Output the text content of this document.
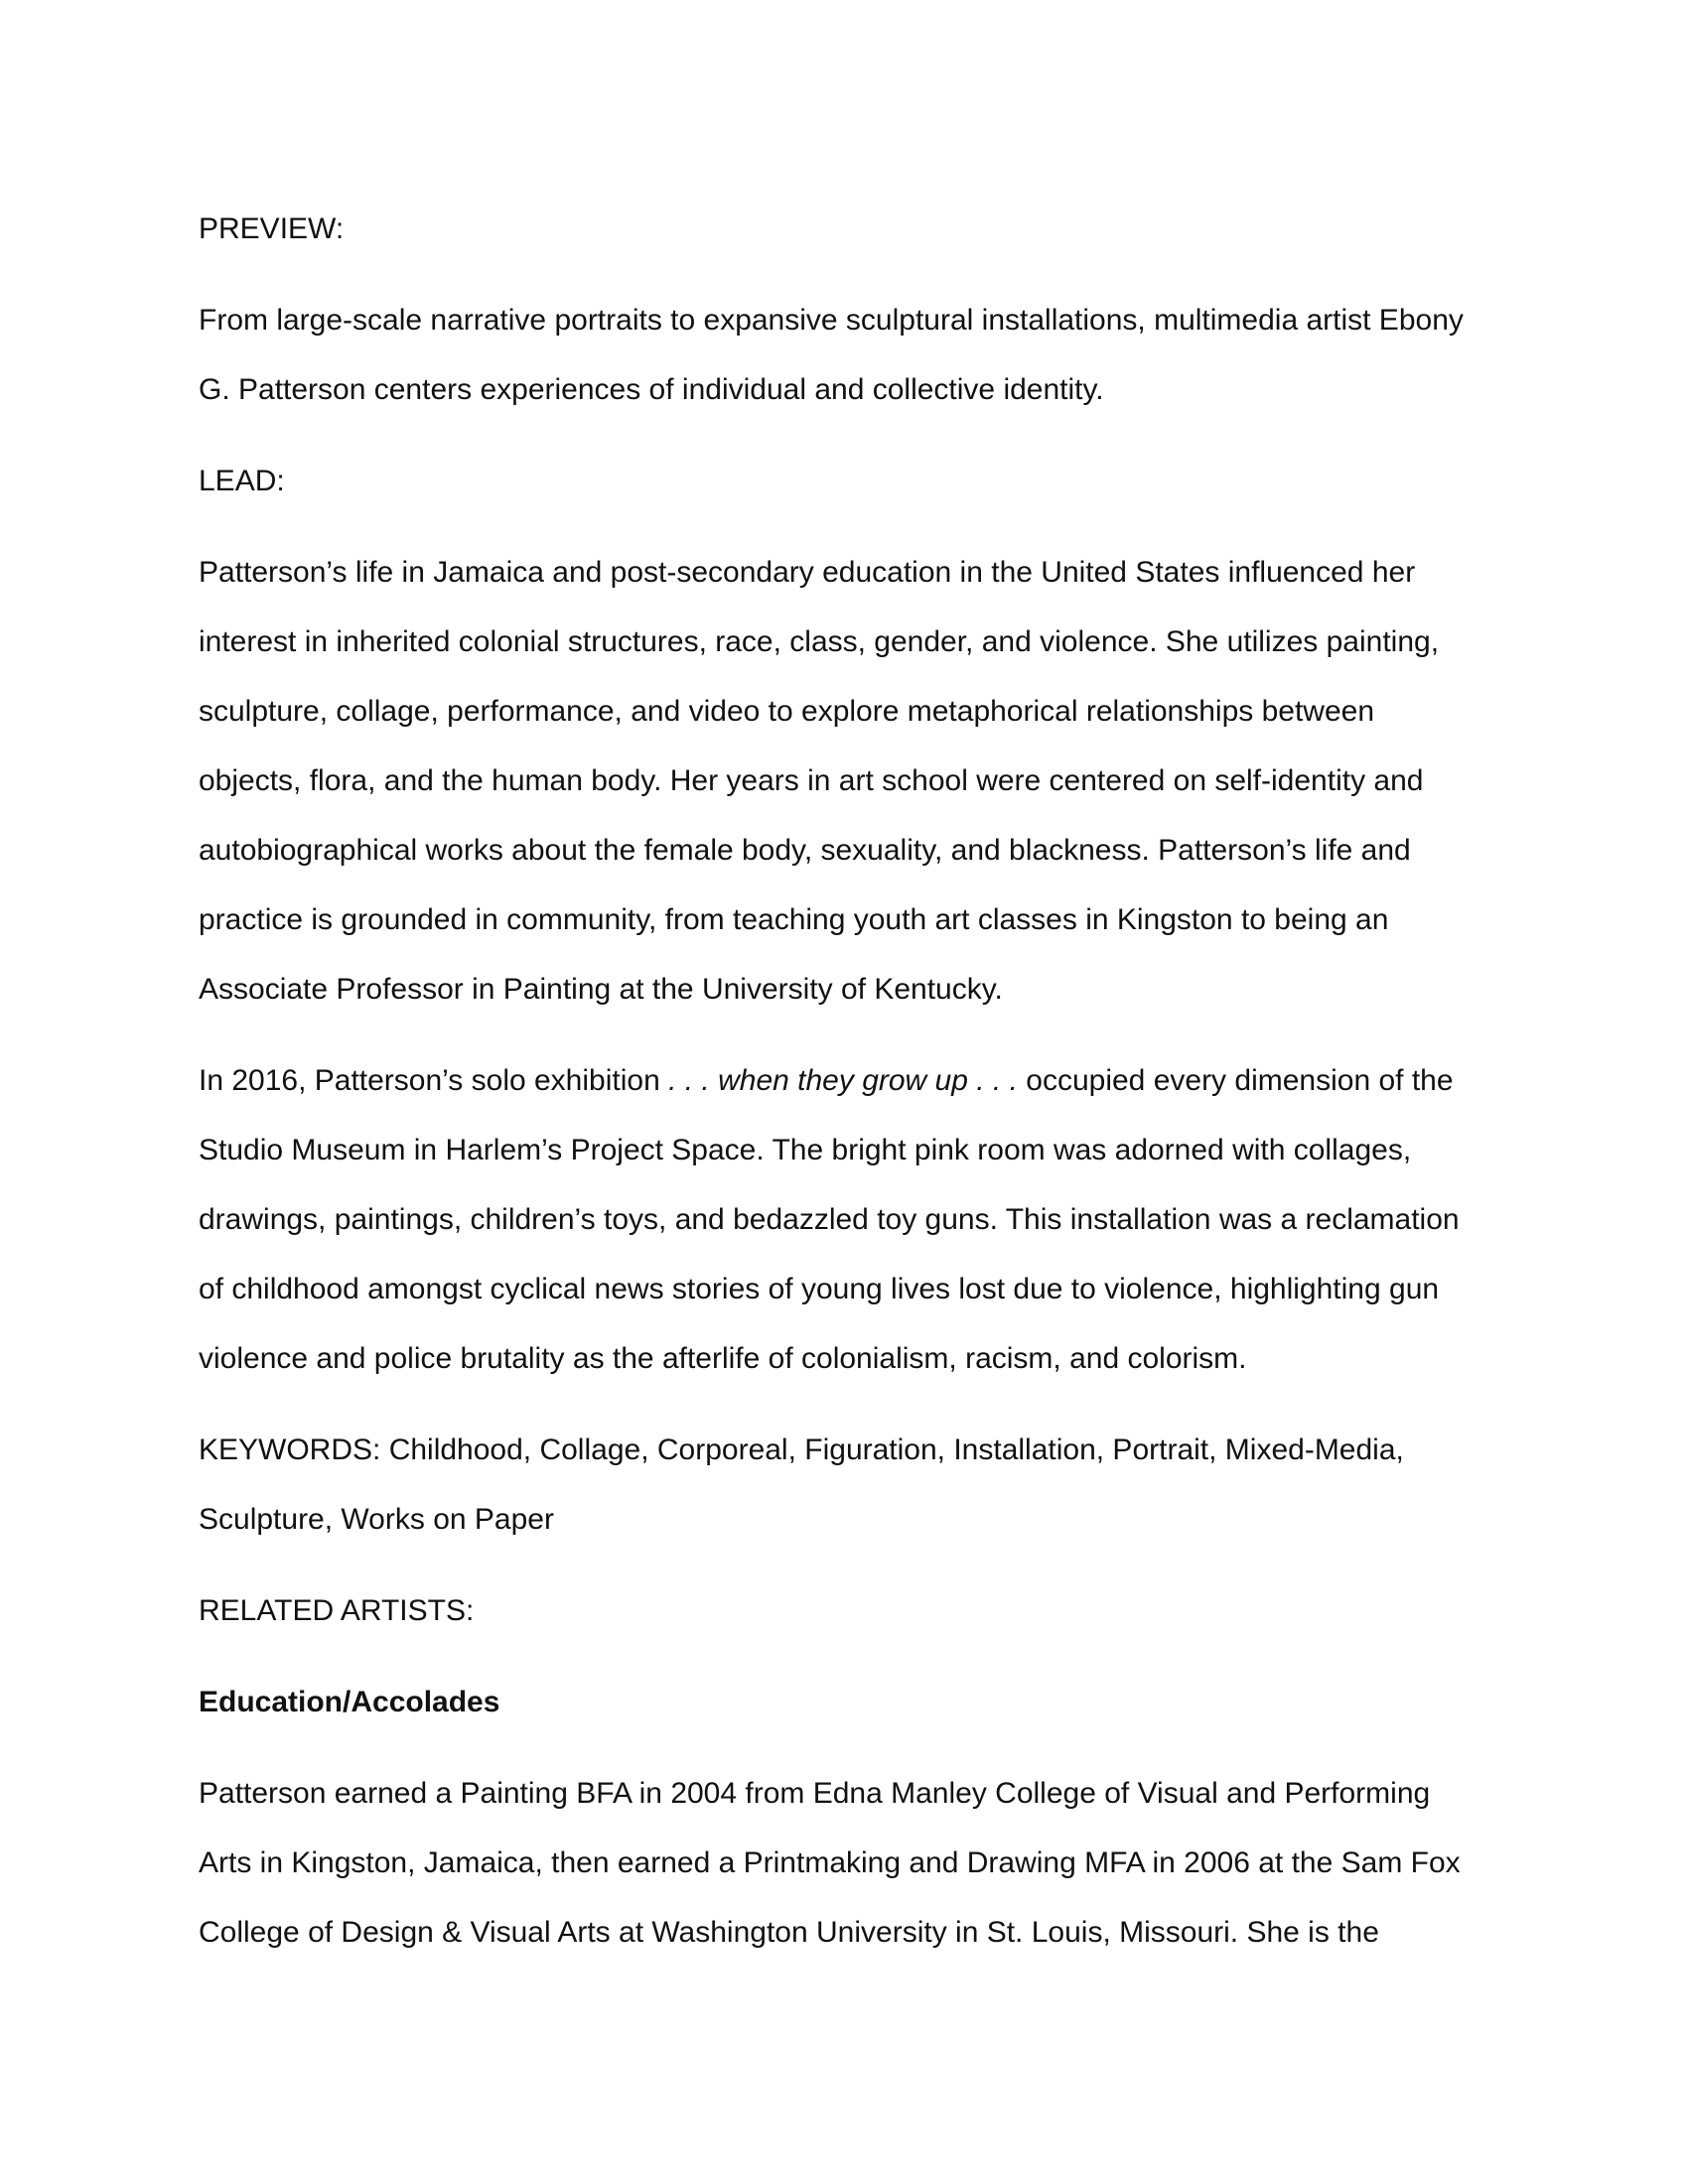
PREVIEW:

From large-scale narrative portraits to expansive sculptural installations, multimedia artist Ebony
G. Patterson centers experiences of individual and collective identity.

LEAD:

Patterson’s life in Jamaica and post-secondary education in the United States influenced her
interest in inherited colonial structures, race, class, gender, and violence. She utilizes painting,
sculpture, collage, performance, and video to explore metaphorical relationships between
objects, flora, and the human body. Her years in art school were centered on self-identity and
autobiographical works about the female body, sexuality, and blackness. Patterson’s life and
practice is grounded in community, from teaching youth art classes in Kingston to being an
Associate Professor in Painting at the University of Kentucky.

In 2016, Patterson’s solo exhibition . . . when they grow up . . . occupied every dimension of the
Studio Museum in Harlem’s Project Space. The bright pink room was adorned with collages,
drawings, paintings, children’s toys, and bedazzled toy guns. This installation was a reclamation
of childhood amongst cyclical news stories of young lives lost due to violence, highlighting gun
violence and police brutality as the afterlife of colonialism, racism, and colorism.

KEYWORDS: Childhood, Collage, Corporeal, Figuration, Installation, Portrait, Mixed-Media,
Sculpture, Works on Paper

RELATED ARTISTS:

Education/Accolades

Patterson earned a Painting BFA in 2004 from Edna Manley College of Visual and Performing
Arts in Kingston, Jamaica, then earned a Printmaking and Drawing MFA in 2006 at the Sam Fox
College of Design & Visual Arts at Washington University in St. Louis, Missouri. She is the
